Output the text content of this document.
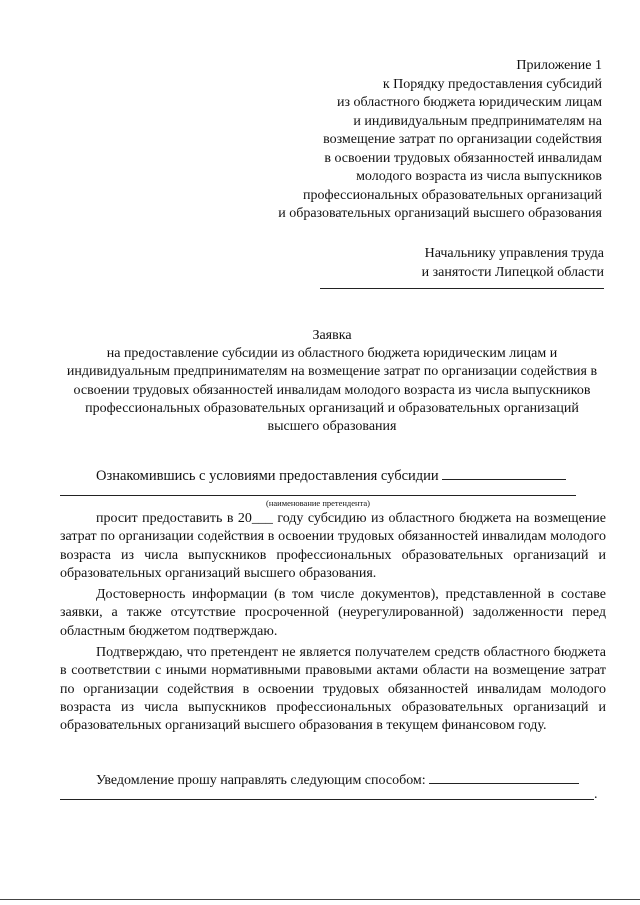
Приложение 1
к Порядку предоставления субсидий
из областного бюджета юридическим лицам
и индивидуальным предпринимателям на
возмещение затрат по организации содействия
в освоении трудовых обязанностей инвалидам
молодого возраста из числа выпускников
профессиональных образовательных организаций
и образовательных организаций высшего образования
Начальнику управления труда
и занятости Липецкой области
Заявка
на предоставление субсидии из областного бюджета юридическим лицам и индивидуальным предпринимателям на возмещение затрат по организации содействия в освоении трудовых обязанностей инвалидам молодого возраста из числа выпускников профессиональных образовательных организаций и образовательных организаций высшего образования
Ознакомившись с условиями предоставления субсидии
(наименование претендента)

просит предоставить в 20___ году субсидию из областного бюджета на возмещение затрат по организации содействия в освоении трудовых обязанностей инвалидам молодого возраста из числа выпускников профессиональных образовательных организаций и образовательных организаций высшего образования.

Достоверность информации (в том числе документов), представленной в составе заявки, а также отсутствие просроченной (неурегулированной) задолженности перед областным бюджетом подтверждаю.

Подтверждаю, что претендент не является получателем средств областного бюджета в соответствии с иными нормативными правовыми актами области на возмещение затрат по организации содействия в освоении трудовых обязанностей инвалидам молодого возраста из числа выпускников профессиональных образовательных организаций и образовательных организаций высшего образования в текущем финансовом году.

Уведомление прошу направлять следующим способом:
.
